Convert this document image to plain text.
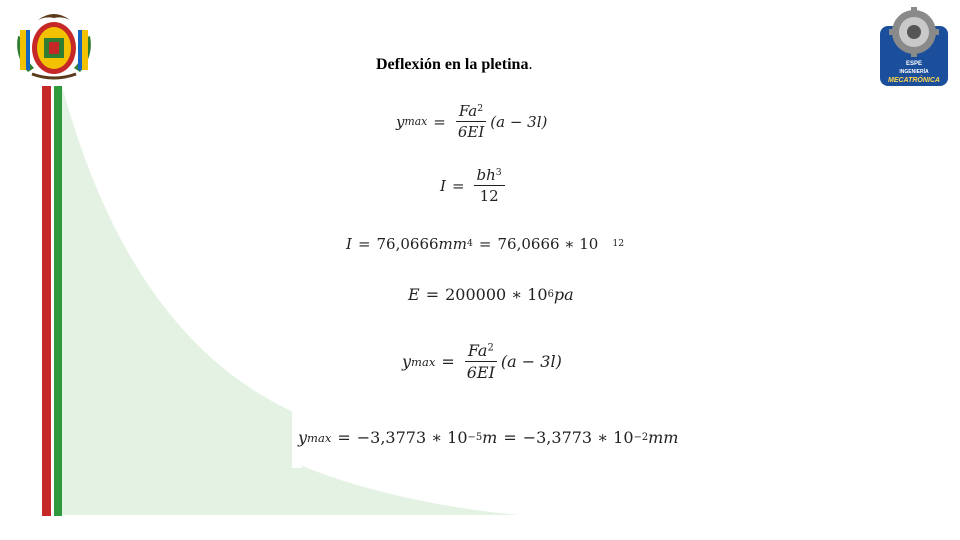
ESPE
INGENIERÍA
MECATRÓNICA
Deflexión en la pletina.
y $\max = \frac{Fa^2}{6EI} (a - 3l)$
$I = \frac{bh^3}{12}$
I = 76,0666 mm 4 = 76,0666 ∗ 10 12
E = 200000 ∗ 10 6 pa
y $\max = \frac{Fa^2}{6EI} (a - 3l)$
y max = −3,3773 ∗ 10 −5 m = −3,3773 ∗ 10 −2 mm
